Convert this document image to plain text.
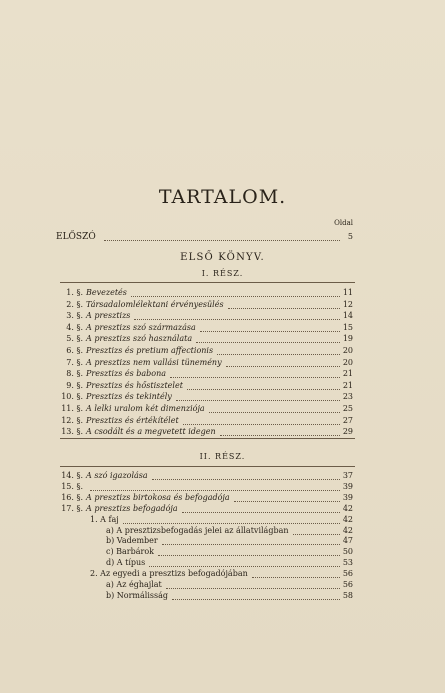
TARTALOM.
Oldal
ELŐSZÓ	5
ELSŐ KÖNYV.
I. RÉSZ.
1. §. Bevezetés	11
2. §. Társadalomlélektani érvényesülés	12
3. §. A presztizs	14
4. §. A presztizs szó származása	15
5. §. A presztizs szó használata	19
6. §. Presztizs és pretium affectionis	20
7. §. A presztizs nem vallási tünemény	20
8. §. Presztizs és babona	21
9. §. Presztizs és hőstisztelet	21
10. §. Presztizs és tekintély	23
11. §. A lelki uralom két dimenziója	25
12. §. Presztizs és értékítélet	27
13. §. A csodált és a megvetett idegen	29
II. RÉSZ.
14. §. A szó igazolása	37
15. §.	39
16. §. A presztizs birtokosa és befogadója	39
17. §. A presztizs befogadója	42
1. A faj	42
a) A presztizsbefogadás jelei az állatvilágban	42
b) Vadember	47
c) Barbárok	50
d) A típus	53
2. Az egyedi a presztizs befogadójában	56
a) Az éghajlat	56
b) Normálisság	58
